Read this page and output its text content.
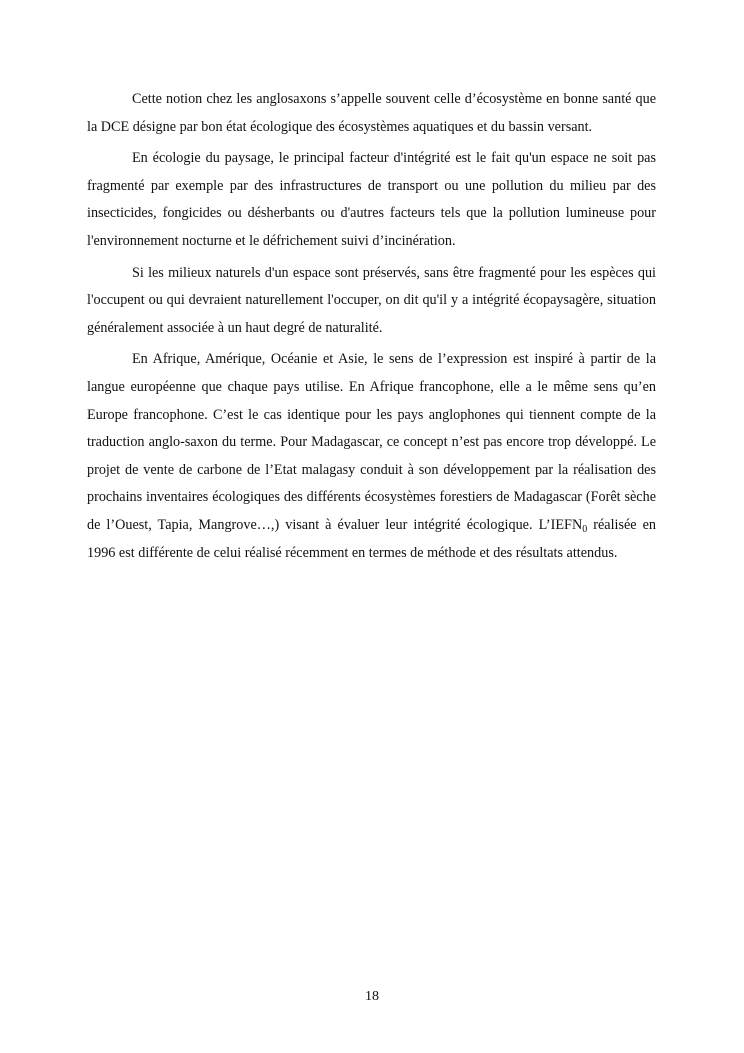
Cette notion chez les anglosaxons s’appelle souvent celle d’écosystème en bonne santé que la DCE désigne par bon état écologique des écosystèmes aquatiques et du bassin versant.

En écologie du paysage, le principal facteur d'intégrité est le fait qu'un espace ne soit pas fragmenté par exemple par des infrastructures de transport ou une pollution du milieu par des insecticides, fongicides ou désherbants ou d'autres facteurs tels que la pollution lumineuse pour l'environnement nocturne et le défrichement suivi d’incinération.

Si les milieux naturels d'un espace sont préservés, sans être fragmenté pour les espèces qui l'occupent ou qui devraient naturellement l'occuper, on dit qu'il y a intégrité écopaysagère, situation généralement associée à un haut degré de naturalité.

En Afrique, Amérique, Océanie et Asie, le sens de l’expression est inspiré à partir de la langue européenne que chaque pays utilise. En Afrique francophone, elle a le même sens qu’en Europe francophone. C’est le cas identique pour les pays anglophones qui tiennent compte de la traduction anglo-saxon du terme. Pour Madagascar, ce concept n’est pas encore trop développé. Le projet de vente de carbone de l’Etat malagasy conduit à son développement par la réalisation des prochains inventaires écologiques des différents écosystèmes forestiers de Madagascar (Forêt sèche de l’Ouest, Tapia, Mangrove…,) visant à évaluer leur intégrité écologique. $L’IEFN_0$ réalisée en 1996 est différente de celui réalisé récemment en termes de méthode et des résultats attendus.

18
